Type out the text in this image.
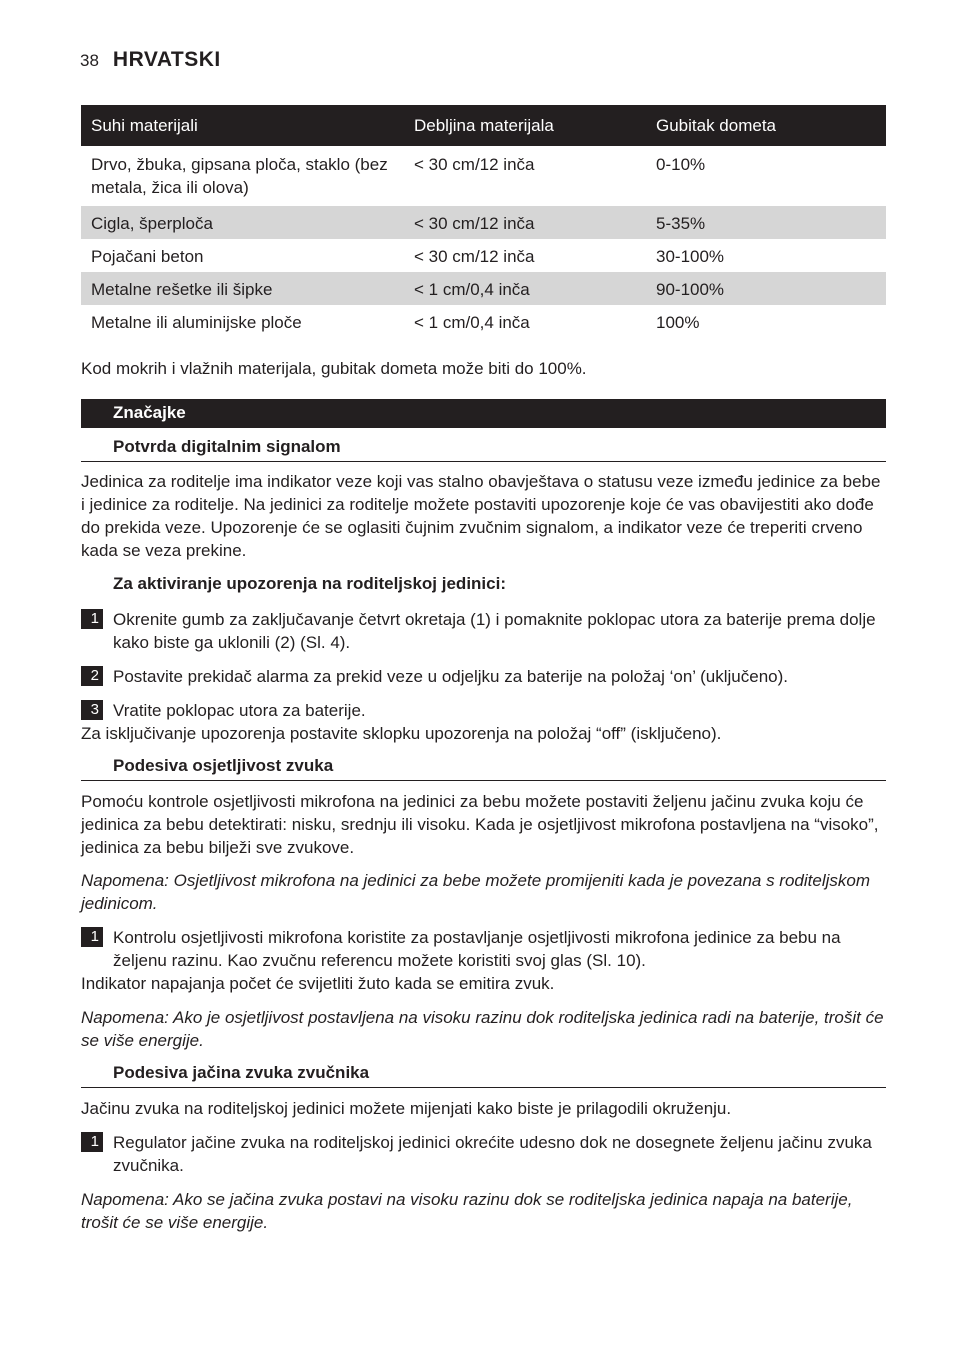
38 HRVATSKI
Suhi materijali	Debljina materijala	Gubitak dometa
Drvo, žbuka, gipsana ploča, staklo (bez metala, žica ili olova)	< 30 cm/12 inča	0-10%
Cigla, šperploča	< 30 cm/12 inča	5-35%
Pojačani beton	< 30 cm/12 inča	30-100%
Metalne rešetke ili šipke	< 1 cm/0,4 inča	90-100%
Metalne ili aluminijske ploče	< 1 cm/0,4 inča	100%
Kod mokrih i vlažnih materijala, gubitak dometa može biti do 100%.
Značajke
Potvrda digitalnim signalom
Jedinica za roditelje ima indikator veze koji vas stalno obavještava o statusu veze između jedinice za bebe i jedinice za roditelje. Na jedinici za roditelje možete postaviti upozorenje koje će vas obavijestiti ako dođe do prekida veze. Upozorenje će se oglasiti čujnim zvučnim signalom, a indikator veze će treperiti crveno kada se veza prekine.
Za aktiviranje upozorenja na roditeljskoj jedinici:
1 Okrenite gumb za zaključavanje četvrt okretaja (1) i pomaknite poklopac utora za baterije prema dolje kako biste ga uklonili (2) (Sl. 4).
2 Postavite prekidač alarma za prekid veze u odjeljku za baterije na položaj ‘on’ (uključeno).
3 Vratite poklopac utora za baterije.
Za isključivanje upozorenja postavite sklopku upozorenja na položaj “off” (isključeno).
Podesiva osjetljivost zvuka
Pomoću kontrole osjetljivosti mikrofona na jedinici za bebu možete postaviti željenu jačinu zvuka koju će jedinica za bebu detektirati: nisku, srednju ili visoku. Kada je osjetljivost mikrofona postavljena na “visoko”, jedinica za bebu bilježi sve zvukove.
Napomena: Osjetljivost mikrofona na jedinici za bebe možete promijeniti kada je povezana s roditeljskom jedinicom.
1 Kontrolu osjetljivosti mikrofona koristite za postavljanje osjetljivosti mikrofona jedinice za bebu na željenu razinu. Kao zvučnu referencu možete koristiti svoj glas (Sl. 10).
Indikator napajanja počet će svijetliti žuto kada se emitira zvuk.
Napomena: Ako je osjetljivost postavljena na visoku razinu dok roditeljska jedinica radi na baterije, trošit će se više energije.
Podesiva jačina zvuka zvučnika
Jačinu zvuka na roditeljskoj jedinici možete mijenjati kako biste je prilagodili okruženju.
1 Regulator jačine zvuka na roditeljskoj jedinici okrećite udesno dok ne dosegnete željenu jačinu zvuka zvučnika.
Napomena: Ako se jačina zvuka postavi na visoku razinu dok se roditeljska jedinica napaja na baterije, trošit će se više energije.
